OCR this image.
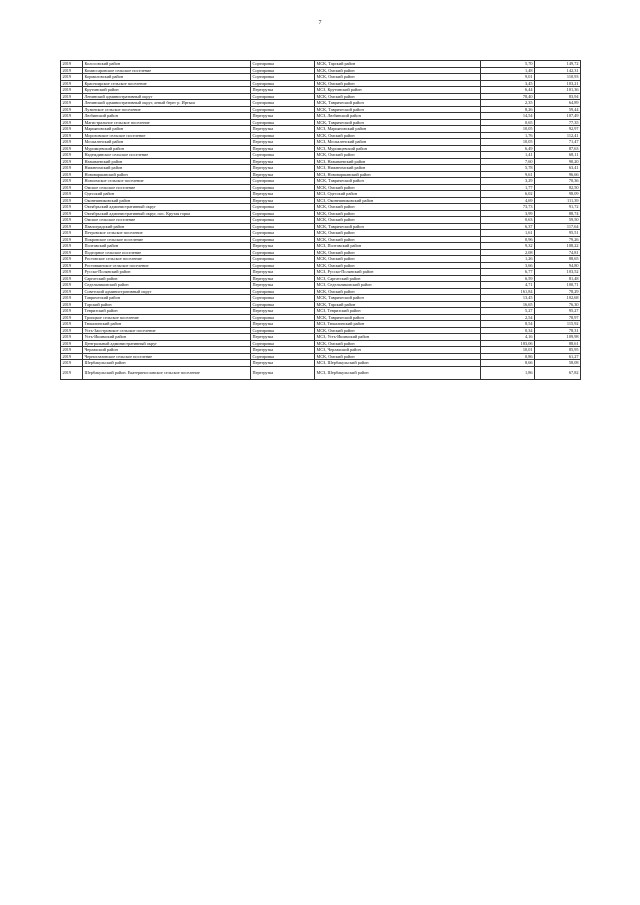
7
2019	Колосовский район	Сортировка	МСК, Тарский район	5,70	149,72
2019	Комиссаровское сельское поселение	Сортировка	МСК, Омский район	1,48	142,31
2019	Кормиловский район	Сортировка	МСК, Омский район	9,01	110,93
2019	Красноярское сельское поселение	Сортировка	МСК, Омский район	3,45	103,21
2019	Крутинский район	Перегрузка	МСЗ, Крутинский район	6,44	101,36
2019	Ленинский административный округ	Сортировка	МСК, Омский район	78,40	83,94
2019	Ленинский административный округ, левый берег р. Иртыш	Сортировка	МСК, Таврический район	2,35	64,89
2019	Лузинское сельское поселение	Сортировка	МСК, Таврический район	8,26	59,44
2019	Любинский район	Перегрузка	МСЗ, Любинский район	14,54	107,49
2019	Магистральное сельское поселение	Сортировка	МСК, Таврический район	0,65	77,35
2019	Марьяновский район	Перегрузка	МСЗ, Марьяновский район	10,05	92,97
2019	Морозовское сельское поселение	Сортировка	МСК, Омский район	1,76	112,41
2019	Москаленский район	Перегрузка	МСЗ, Москаленский район	10,05	71,47
2019	Муромцевский район	Перегрузка	МСЗ, Муромцевский район	6,49	87,63
2019	Надеждинское сельское поселение	Сортировка	МСК, Омский район	1,41	68,11
2019	Называевский район	Перегрузка	МСЗ, Называевский район	7,60	90,20
2019	Нижнеомский район	Перегрузка	МСЗ, Нижнеомский район	5,78	63,41
2019	Нововаршавский район	Перегрузка	МСЗ, Нововаршавский район	9,61	96,66
2019	Новоомское сельское поселение	Сортировка	МСК, Таврический район	3,29	70,36
2019	Омское сельское поселение	Сортировка	МСК, Омский район	1,77	82,50
2019	Одесский район	Перегрузка	МСЗ, Одесский район	6,02	98,09
2019	Оконешниковский район	Перегрузка	МСЗ, Оконешниковский район	4,69	111,39
2019	Октябрьский административный округ	Сортировка	МСК, Омский район	73,73	91,72
2019	Октябрьский административный округ, пос. Крутая горка	Сортировка	МСК, Омский район	3,99	88,74
2019	Омское сельское поселение	Сортировка	МСК, Омский район	0,63	59,50
2019	Павлоградский район	Сортировка	МСК, Таврический район	6,37	117,64
2019	Петровское сельское поселение	Сортировка	МСК, Омский район	1,61	95,51
2019	Покровское сельское поселение	Сортировка	МСК, Омский район	0,96	79,26
2019	Полтавский район	Перегрузка	МСЗ, Полтавский район	9,32	108,22
2019	Подгорное сельское поселение	Сортировка	МСК, Омский район	2,08	74,81
2019	Ростовское сельское поселение	Сортировка	МСК, Омский район	1,26	88,65
2019	Ростовкинское сельское поселение	Сортировка	МСК, Омский район	3,66	94,80
2019	Русско-Полянский район	Перегрузка	МСЗ, Русско-Полянский район	6,77	103,52
2019	Саргатский район	Перегрузка	МСЗ, Саргатский район	6,59	81,48
2019	Седельниковский район	Перегрузка	МСЗ, Седельниковский район	4,71	100,71
2019	Советский административный округ	Сортировка	МСК, Омский район	161,84	78,29
2019	Таврический район	Сортировка	МСК, Таврический район	13,45	102,68
2019	Тарский район	Сортировка	МСК, Тарский район	16,65	76,30
2019	Тевризский район	Перегрузка	МСЗ, Тевризский район	5,27	95,27
2019	Троицкое сельское поселение	Сортировка	МСК, Таврический район	2,54	78,97
2019	Тюкалинский район	Перегрузка	МСЗ, Тюкалинский район	8,54	115,92
2019	Усть-Заостровское сельское поселение	Сортировка	МСК, Омский район	0,34	78,31
2019	Усть-Ишимский район	Перегрузка	МСЗ, Усть-Ишимский район	4,16	109,98
2019	Центральный административный округ	Сортировка	МСК, Омский район	183,06	88,61
2019	Черлакский район	Перегрузка	МСЗ, Черлакский район	10,01	85,95
2019	Черноглазовское сельское поселение	Сортировка	МСК, Омский район	0,86	61,27
2019	Шербакульский район	Перегрузка	МСЗ, Шербакульский район	8,66	58,08
2019	Шербакульский район. Екатеринославское сельское поселение	Перегрузка	МСЗ, Шербакульский район	1,86	67,82
